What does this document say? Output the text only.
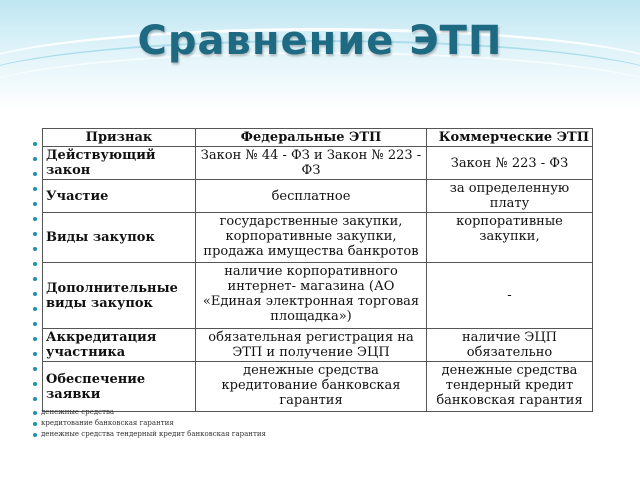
Сравнение ЭТП
Признак	Федеральные ЭТП	Коммерческие ЭТП
Действующий закон	Закон № 44 - ФЗ и Закон № 223 - ФЗ	Закон № 223 - ФЗ
Участие	бесплатное	за определенную плату
Виды закупок	государственные закупки, корпоративные закупки, продажа имущества банкротов	корпоративные закупки,
Дополнительные виды закупок	наличие корпоративного интернет- магазина (АО «Единая электронная торговая площадка»)	-
Аккредитация участника	обязательная регистрация на ЭТП и получение ЭЦП	наличие ЭЦП обязательно
Обеспечение заявки	денежные средства кредитование банковская гарантия	денежные средства тендерный кредит банковская гарантия
денежные средства
кредитование банковская гарантия
денежные средства тендерный кредит банковская гарантия
